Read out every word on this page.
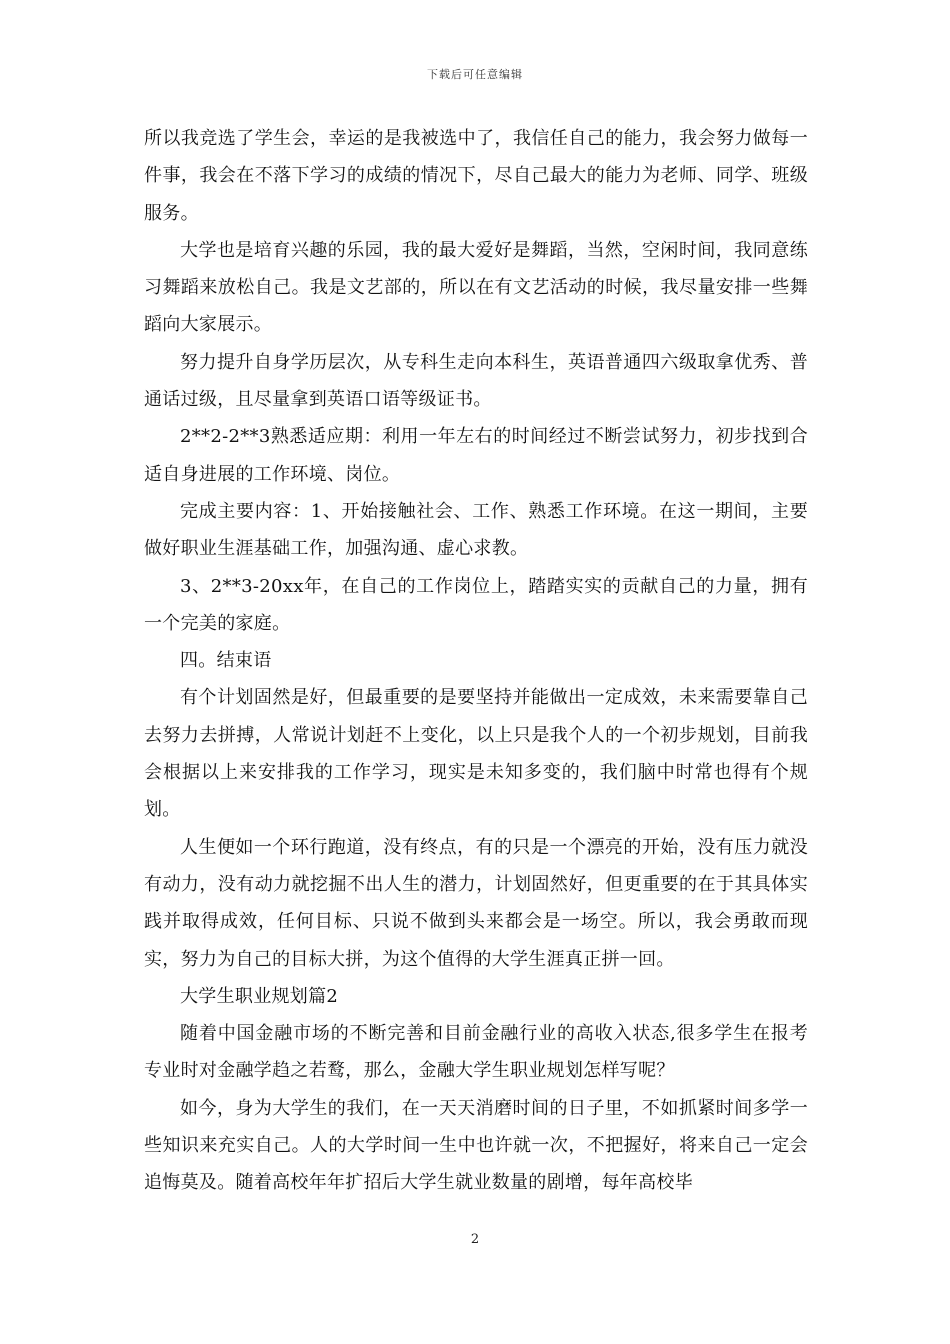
下载后可任意编辑

所以我竞选了学生会，幸运的是我被选中了，我信任自己的能力，我会努力做每一件事，我会在不落下学习的成绩的情况下，尽自己最大的能力为老师、同学、班级服务。

大学也是培育兴趣的乐园，我的最大爱好是舞蹈，当然，空闲时间，我同意练习舞蹈来放松自己。我是文艺部的，所以在有文艺活动的时候，我尽量安排一些舞蹈向大家展示。

努力提升自身学历层次，从专科生走向本科生，英语普通四六级取拿优秀、普通话过级，且尽量拿到英语口语等级证书。

2**2-2**3熟悉适应期：利用一年左右的时间经过不断尝试努力，初步找到合适自身进展的工作环境、岗位。

完成主要内容：1、开始接触社会、工作、熟悉工作环境。在这一期间，主要做好职业生涯基础工作，加强沟通、虚心求教。

3、2**3-20xx年，在自己的工作岗位上，踏踏实实的贡献自己的力量，拥有一个完美的家庭。

四。结束语

有个计划固然是好，但最重要的是要坚持并能做出一定成效，未来需要靠自己去努力去拼搏，人常说计划赶不上变化，以上只是我个人的一个初步规划，目前我会根据以上来安排我的工作学习，现实是未知多变的，我们脑中时常也得有个规划。

人生便如一个环行跑道，没有终点，有的只是一个漂亮的开始，没有压力就没有动力，没有动力就挖掘不出人生的潜力，计划固然好，但更重要的在于其具体实践并取得成效，任何目标、只说不做到头来都会是一场空。所以，我会勇敢而现实，努力为自己的目标大拼，为这个值得的大学生涯真正拼一回。

大学生职业规划篇2

随着中国金融市场的不断完善和目前金融行业的高收入状态,很多学生在报考专业时对金融学趋之若鹜，那么，金融大学生职业规划怎样写呢？

如今，身为大学生的我们，在一天天消磨时间的日子里，不如抓紧时间多学一些知识来充实自己。人的大学时间一生中也许就一次，不把握好，将来自己一定会追悔莫及。随着高校年年扩招后大学生就业数量的剧增，每年高校毕

2
